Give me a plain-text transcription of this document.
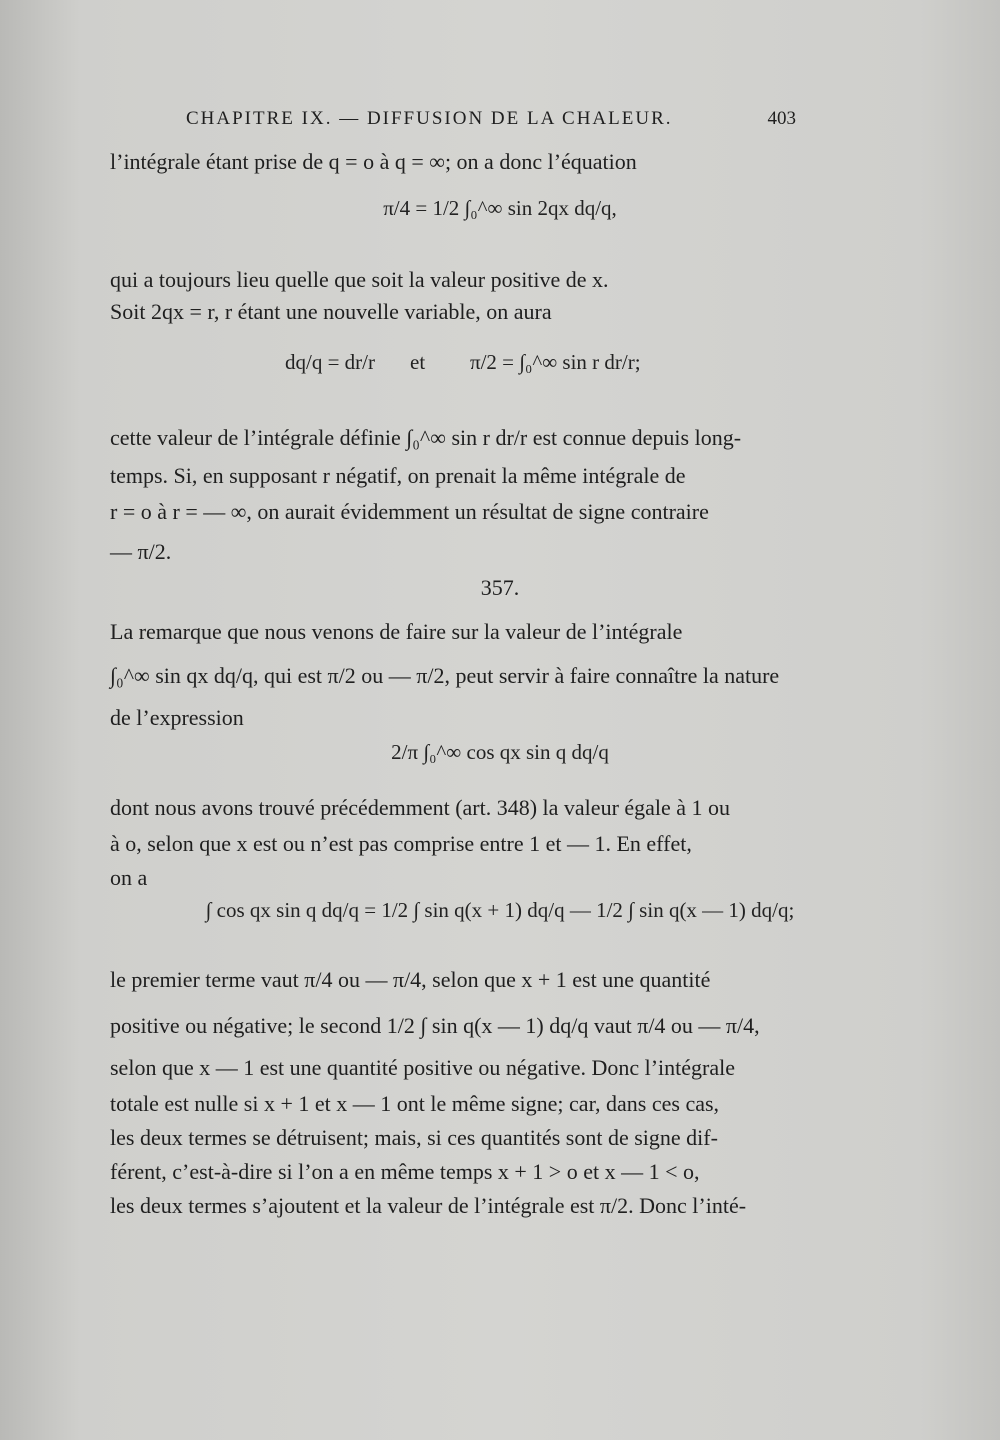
CHAPITRE IX. — DIFFUSION DE LA CHALEUR.	403
l’intégrale étant prise de q = o à q = ∞; on a donc l’équation
π/4 = 1/2 ∫₀^∞ sin 2qx dq/q,
qui a toujours lieu quelle que soit la valeur positive de x.
Soit 2qx = r, r étant une nouvelle variable, on aura
dq/q = dr/r et π/2 = ∫₀^∞ sin r dr/r;
cette valeur de l’intégrale définie ∫₀^∞ sin r dr/r est connue depuis long-
temps. Si, en supposant r négatif, on prenait la même intégrale de
r = o à r = — ∞, on aurait évidemment un résultat de signe contraire
— π/2.
357.
La remarque que nous venons de faire sur la valeur de l’intégrale
∫₀^∞ sin qx dq/q, qui est π/2 ou — π/2, peut servir à faire connaître la nature
de l’expression
2/π ∫₀^∞ cos qx sin q dq/q
dont nous avons trouvé précédemment (art. 348) la valeur égale à 1 ou
à o, selon que x est ou n’est pas comprise entre 1 et — 1. En effet,
on a
∫ cos qx sin q dq/q = 1/2 ∫ sin q(x + 1) dq/q — 1/2 ∫ sin q(x — 1) dq/q;
le premier terme vaut π/4 ou — π/4, selon que x + 1 est une quantité
positive ou négative; le second 1/2 ∫ sin q(x — 1) dq/q vaut π/4 ou — π/4,
selon que x — 1 est une quantité positive ou négative. Donc l’intégrale
totale est nulle si x + 1 et x — 1 ont le même signe; car, dans ces cas,
les deux termes se détruisent; mais, si ces quantités sont de signe dif-
férent, c’est-à-dire si l’on a en même temps x + 1 > o et x — 1 < o,
les deux termes s’ajoutent et la valeur de l’intégrale est π/2. Donc l’inté-
